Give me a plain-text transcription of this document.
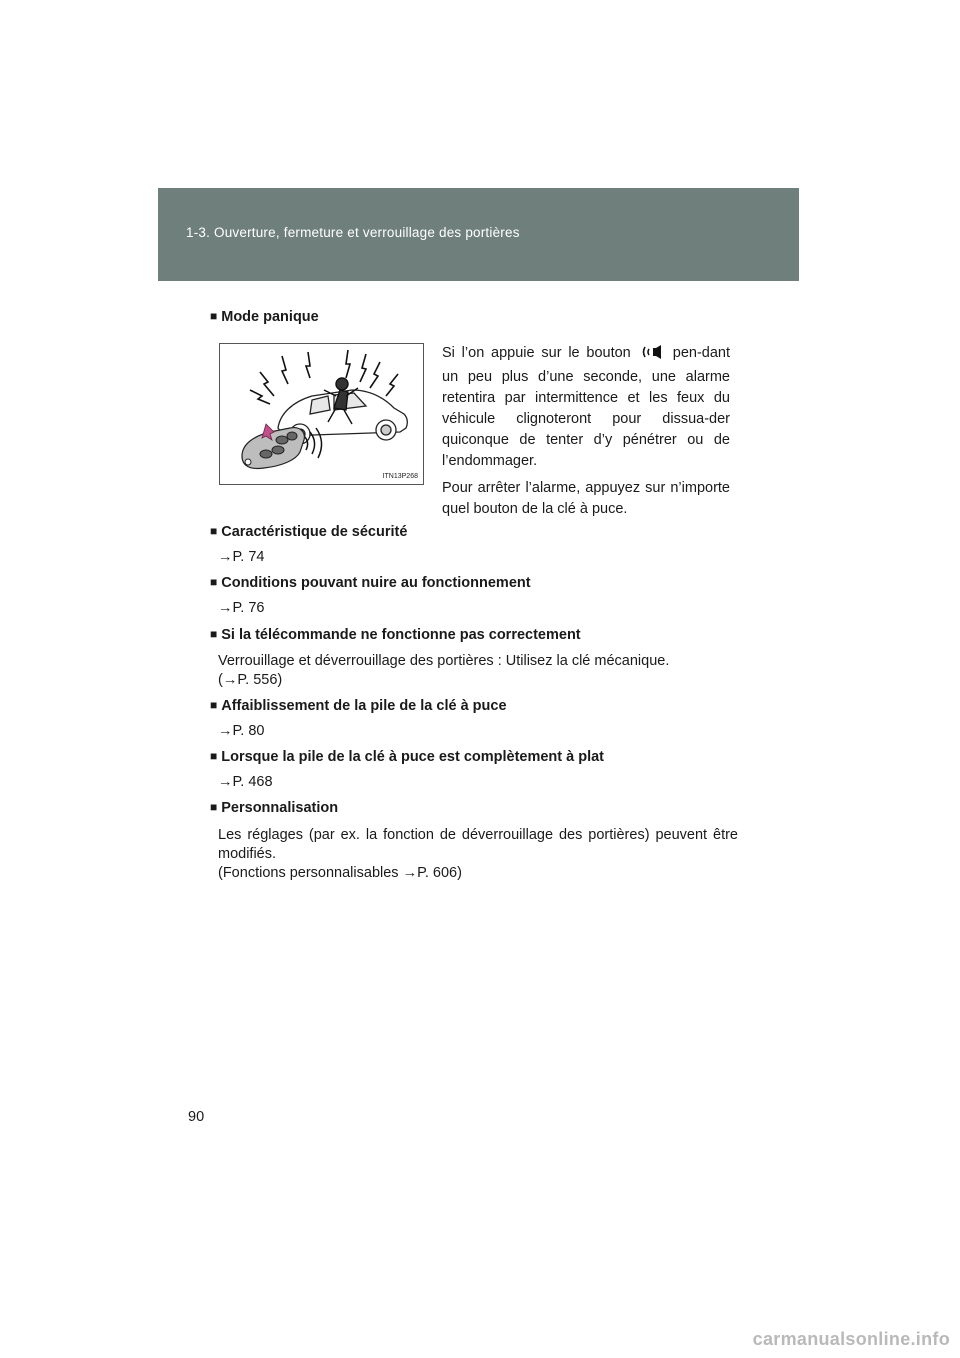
1-3. Ouverture, fermeture et verrouillage des portières
■ Mode panique
ITN13P268

Si l’on appuie sur le bouton	pen-dant un peu plus d’une seconde, une alarme retentira par intermittence et les feux du véhicule clignoteront pour dissua-der quiconque de tenter d’y pénétrer ou de l’endommager.

Pour arrêter l’alarme, appuyez sur n’importe quel bouton de la clé à puce.

■ Caractéristique de sécurité
→P. 74
■ Conditions pouvant nuire au fonctionnement
→P. 76
■ Si la télécommande ne fonctionne pas correctement
Verrouillage et déverrouillage des portières : Utilisez la clé mécanique.
(→P. 556)
■ Affaiblissement de la pile de la clé à puce
→P. 80
■ Lorsque la pile de la clé à puce est complètement à plat
→P. 468
■ Personnalisation
Les réglages (par ex. la fonction de déverrouillage des portières) peuvent être modifiés.
(Fonctions personnalisables →P. 606)
90
carmanualsonline.info
